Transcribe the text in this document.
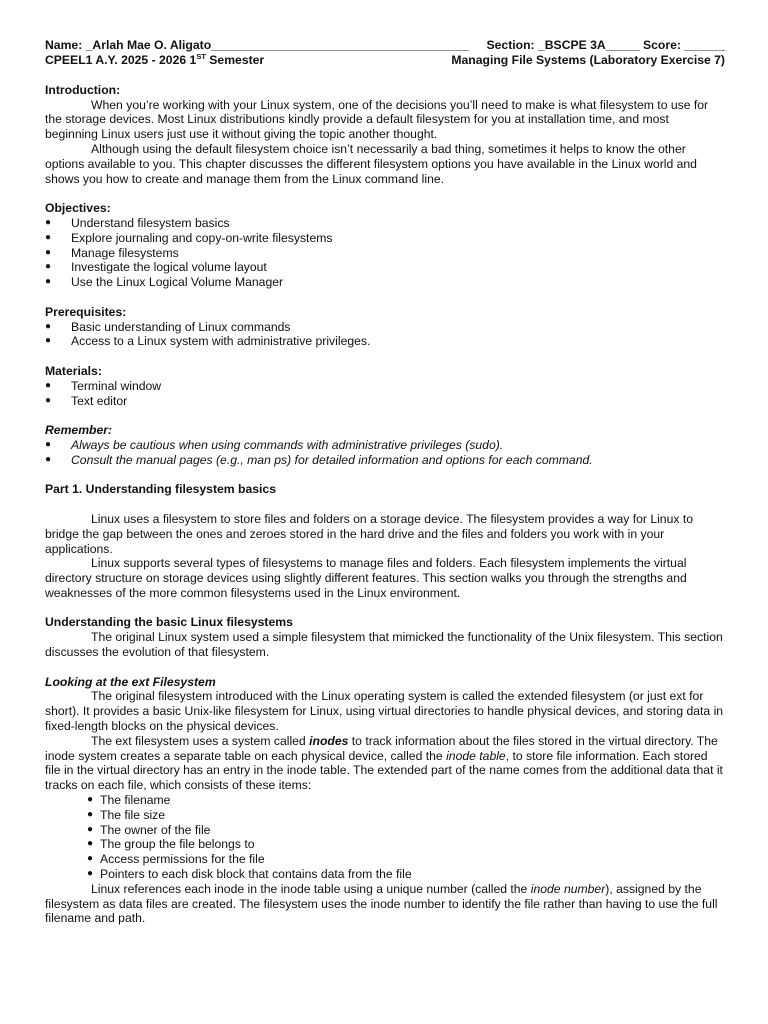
Name: _Arlah Mae O. Aligato______________________________________ Section: _BSCPE 3A_____ Score: ______
CPEEL1 A.Y. 2025 - 2026 1ST Semester	Managing File Systems (Laboratory Exercise 7)

Introduction:

When you’re working with your Linux system, one of the decisions you’ll need to make is what filesystem to use for the storage devices. Most Linux distributions kindly provide a default filesystem for you at installation time, and most beginning Linux users just use it without giving the topic another thought.

Although using the default filesystem choice isn’t necessarily a bad thing, sometimes it helps to know the other options available to you. This chapter discusses the different filesystem options you have available in the Linux world and shows you how to create and manage them from the Linux command line.

Objectives:

● Understand filesystem basics
● Explore journaling and copy-on-write filesystems
● Manage filesystems
● Investigate the logical volume layout
● Use the Linux Logical Volume Manager

Prerequisites:

● Basic understanding of Linux commands
● Access to a Linux system with administrative privileges.

Materials:

● Terminal window
● Text editor

Remember:

● Always be cautious when using commands with administrative privileges (sudo).
● Consult the manual pages (e.g., man ps) for detailed information and options for each command.

Part 1. Understanding filesystem basics

Linux uses a filesystem to store files and folders on a storage device. The filesystem provides a way for Linux to bridge the gap between the ones and zeroes stored in the hard drive and the files and folders you work with in your applications.

Linux supports several types of filesystems to manage files and folders. Each filesystem implements the virtual directory structure on storage devices using slightly different features. This section walks you through the strengths and weaknesses of the more common filesystems used in the Linux environment.

Understanding the basic Linux filesystems

The original Linux system used a simple filesystem that mimicked the functionality of the Unix filesystem. This section discusses the evolution of that filesystem.

Looking at the ext Filesystem

The original filesystem introduced with the Linux operating system is called the extended filesystem (or just ext for short). It provides a basic Unix-like filesystem for Linux, using virtual directories to handle physical devices, and storing data in fixed-length blocks on the physical devices.

The ext filesystem uses a system called inodes to track information about the files stored in the virtual directory. The inode system creates a separate table on each physical device, called the inode table, to store file information. Each stored file in the virtual directory has an entry in the inode table. The extended part of the name comes from the additional data that it tracks on each file, which consists of these items:

● The filename
● The file size
● The owner of the file
● The group the file belongs to
● Access permissions for the file
● Pointers to each disk block that contains data from the file

Linux references each inode in the inode table using a unique number (called the inode number), assigned by the filesystem as data files are created. The filesystem uses the inode number to identify the file rather than having to use the full filename and path.
